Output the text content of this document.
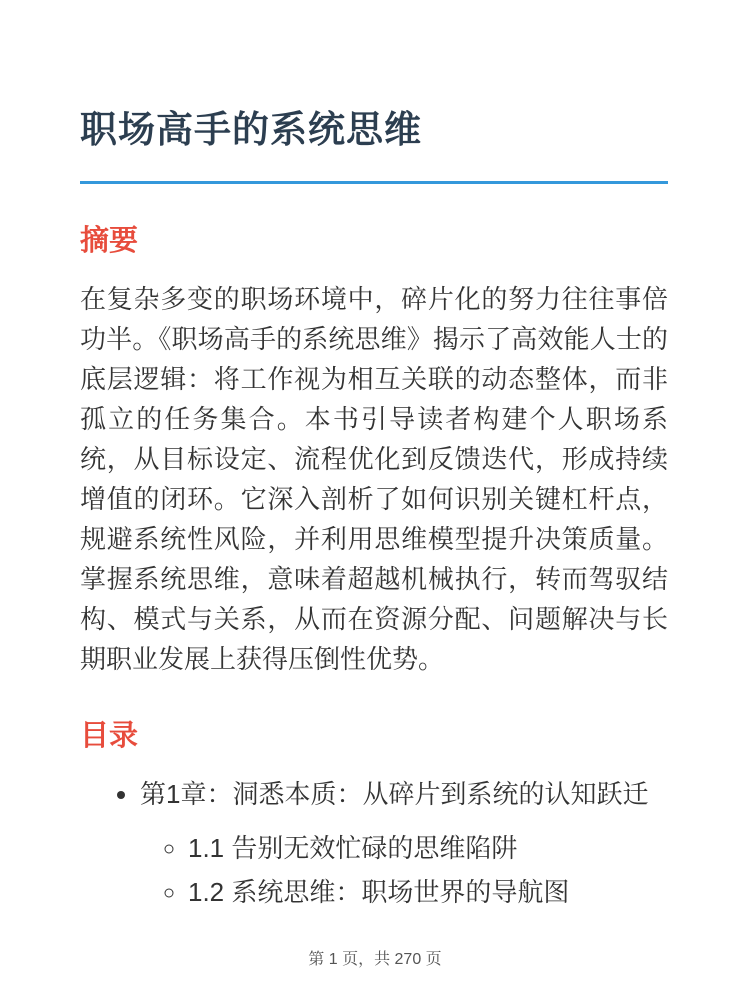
职场高手的系统思维
摘要

在复杂多变的职场环境中，碎片化的努力往往事倍功半。《职场高手的系统思维》揭示了高效能人士的底层逻辑：将工作视为相互关联的动态整体，而非孤立的任务集合。本书引导读者构建个人职场系统，从目标设定、流程优化到反馈迭代，形成持续增值的闭环。它深入剖析了如何识别关键杠杆点，规避系统性风险，并利用思维模型提升决策质量。掌握系统思维，意味着超越机械执行，转而驾驭结构、模式与关系，从而在资源分配、问题解决与长期职业发展上获得压倒性优势。

目录
• 第1章：洞悉本质：从碎片到系统的认知跃迁
◦ 1.1 告别无效忙碌的思维陷阱
◦ 1.2 系统思维：职场世界的导航图
第 1 页，共 270 页
